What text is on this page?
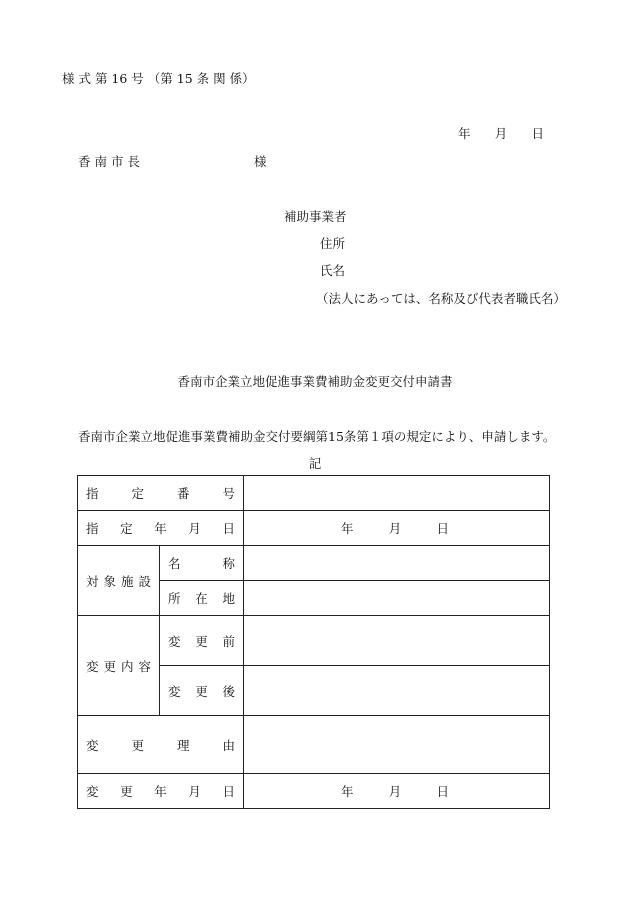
様 式 第 16 号 （第 15 条 関 係）
年 月 日
香 南 市 長	様
補助事業者
住所
氏名
（法人にあっては、名称及び代表者職氏名）
香南市企業立地促進事業費補助金変更交付申請書
香南市企業立地促進事業費補助金交付要綱第15条第１項の規定により、申請します。
記
指 定 番 号		

指 定 年 月 日		年 月 日

対 象 施 設	名 称	

	所 在 地	

変 更 内 容	変 更 前	

	変 更 後	

変 更 理 由		

変 更 年 月 日		年 月 日
